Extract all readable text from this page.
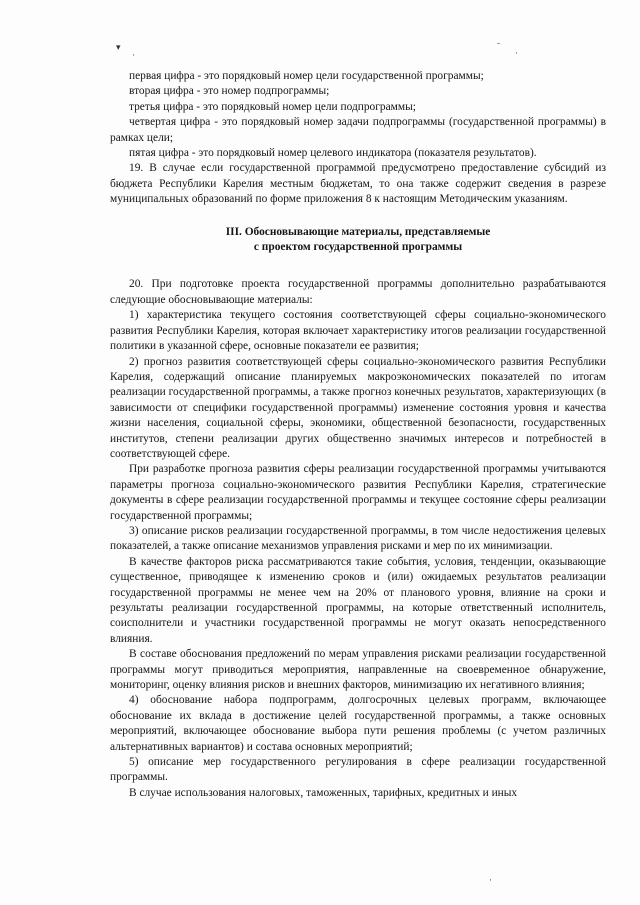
▾
·
ˉ
·
·

первая цифра - это порядковый номер цели государственной программы;

вторая цифра - это номер подпрограммы;

третья цифра - это порядковый номер цели подпрограммы;

четвертая цифра - это порядковый номер задачи подпрограммы (государственной программы) в рамках цели;

пятая цифра - это порядковый номер целевого индикатора (показателя результатов).

19. В случае если государственной программой предусмотрено предоставление субсидий из бюджета Республики Карелия местным бюджетам, то она также содержит сведения в разрезе муниципальных образований по форме приложения 8 к настоящим Методическим указаниям.

III. Обосновывающие материалы, представляемые
с проектом государственной программы

20. При подготовке проекта государственной программы дополнительно разрабатываются следующие обосновывающие материалы:

1) характеристика текущего состояния соответствующей сферы социально-экономического развития Республики Карелия, которая включает характеристику итогов реализации государственной политики в указанной сфере, основные показатели ее развития;

2) прогноз развития соответствующей сферы социально-экономического развития Республики Карелия, содержащий описание планируемых макроэкономических показателей по итогам реализации государственной программы, а также прогноз конечных результатов, характеризующих (в зависимости от специфики государственной программы) изменение состояния уровня и качества жизни населения, социальной сферы, экономики, общественной безопасности, государственных институтов, степени реализации других общественно значимых интересов и потребностей в соответствующей сфере.

При разработке прогноза развития сферы реализации государственной программы учитываются параметры прогноза социально-экономического развития Республики Карелия, стратегические документы в сфере реализации государственной программы и текущее состояние сферы реализации государственной программы;

3) описание рисков реализации государственной программы, в том числе недостижения целевых показателей, а также описание механизмов управления рисками и мер по их минимизации.

В качестве факторов риска рассматриваются такие события, условия, тенденции, оказывающие существенное, приводящее к изменению сроков и (или) ожидаемых результатов реализации государственной программы не менее чем на 20% от планового уровня, влияние на сроки и результаты реализации государственной программы, на которые ответственный исполнитель, соисполнители и участники государственной программы не могут оказать непосредственного влияния.

В составе обоснования предложений по мерам управления рисками реализации государственной программы могут приводиться мероприятия, направленные на своевременное обнаружение, мониторинг, оценку влияния рисков и внешних факторов, минимизацию их негативного влияния;

4) обоснование набора подпрограмм, долгосрочных целевых программ, включающее обоснование их вклада в достижение целей государственной программы, а также основных мероприятий, включающее обоснование выбора пути решения проблемы (с учетом различных альтернативных вариантов) и состава основных мероприятий;

5) описание мер государственного регулирования в сфере реализации государственной программы.

В случае использования налоговых, таможенных, тарифных, кредитных и иных
